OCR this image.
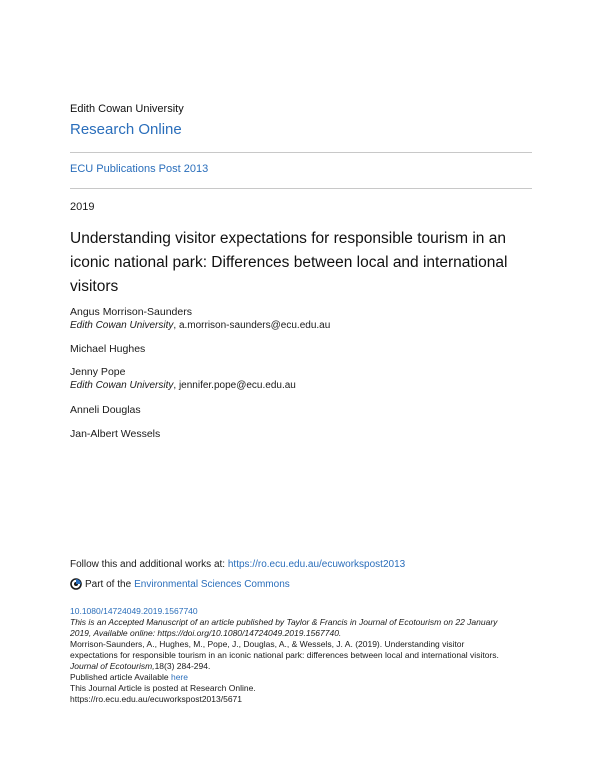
Edith Cowan University
Research Online
ECU Publications Post 2013
2019
Understanding visitor expectations for responsible tourism in an iconic national park: Differences between local and international visitors
Angus Morrison-Saunders
Edith Cowan University, a.morrison-saunders@ecu.edu.au
Michael Hughes
Jenny Pope
Edith Cowan University, jennifer.pope@ecu.edu.au
Anneli Douglas
Jan-Albert Wessels
Follow this and additional works at: https://ro.ecu.edu.au/ecuworkspost2013
Part of the Environmental Sciences Commons
10.1080/14724049.2019.1567740
This is an Accepted Manuscript of an article published by Taylor & Francis in Journal of Ecotourism on 22 January
2019, Available online: https://doi.org/10.1080/14724049.2019.1567740.
Morrison-Saunders, A., Hughes, M., Pope, J., Douglas, A., & Wessels, J. A. (2019). Understanding visitor
expectations for responsible tourism in an iconic national park: differences between local and international visitors.
Journal of Ecotourism,18(3) 284-294.
Published article Available here
This Journal Article is posted at Research Online.
https://ro.ecu.edu.au/ecuworkspost2013/5671
